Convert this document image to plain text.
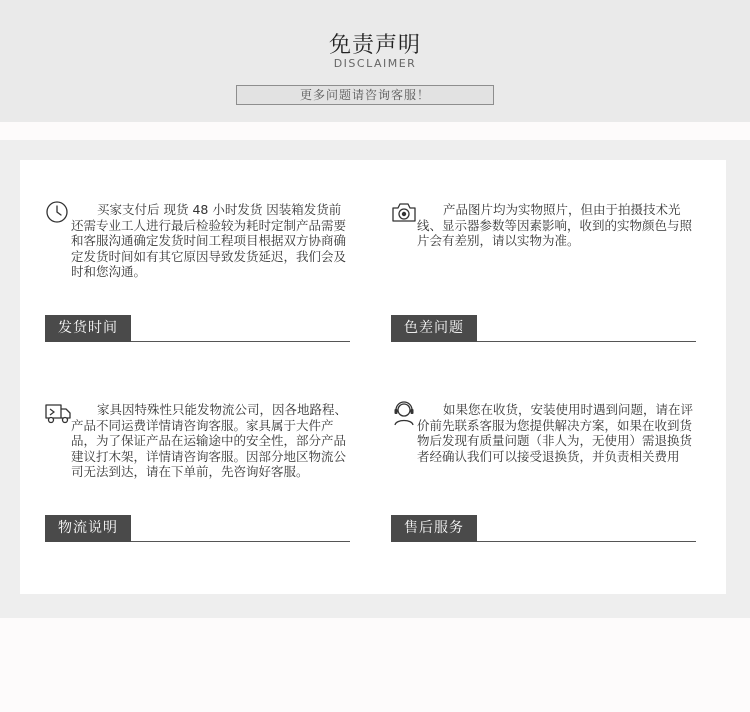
免责声明
DISCLAIMER
更多问题请咨询客服！
买家支付后 现货 48 小时发货 因装箱发货前还需专业工人进行最后检验较为耗时定制产品需要和客服沟通确定发货时间工程项目根据双方协商确定发货时间如有其它原因导致发货延迟，我们会及时和您沟通。
发货时间
产品图片均为实物照片，但由于拍摄技术光线、显示器参数等因素影响，收到的实物颜色与照片会有差别，请以实物为准。
色差问题
家具因特殊性只能发物流公司，因各地路程、产品不同运费详情请咨询客服。家具属于大件产品，为了保证产品在运输途中的安全性，部分产品建议打木架，详情请咨询客服。因部分地区物流公司无法到达，请在下单前，先咨询好客服。
物流说明
如果您在收货，安装使用时遇到问题，请在评价前先联系客服为您提供解决方案，如果在收到货物后发现有质量问题（非人为，无使用）需退换货者经确认我们可以接受退换货，并负责相关费用
售后服务
